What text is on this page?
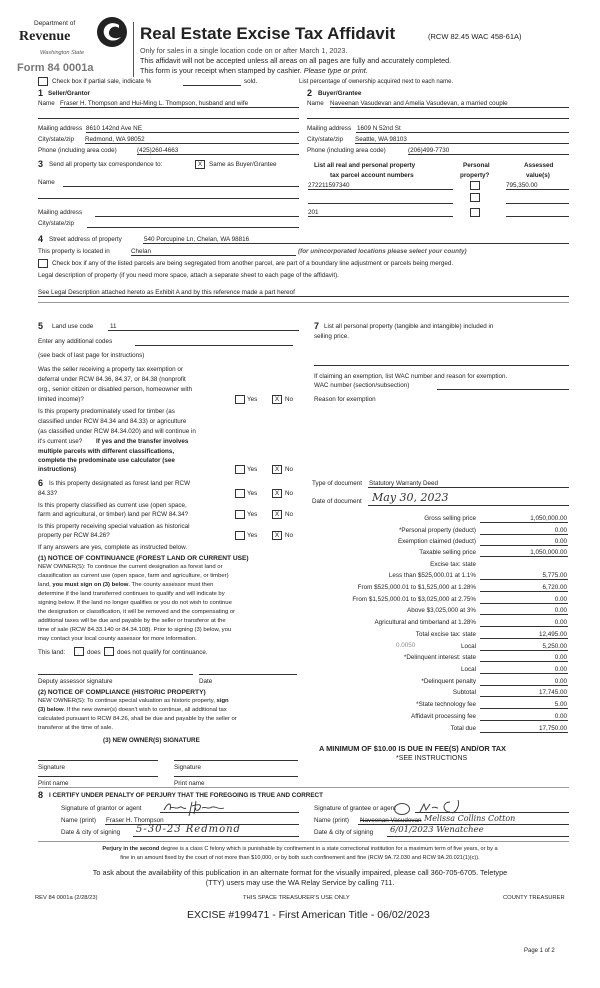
Department of
Revenue
Washington State
Form 84 0001a
Real Estate Excise Tax Affidavit	(RCW 82.45 WAC 458-61A)
Only for sales in a single location code on or after March 1, 2023.
This affidavit will not be accepted unless all areas on all pages are fully and accurately completed.
This form is your receipt when stamped by cashier. Please type or print.
Check box if partial sale, indicate %	sold.	List percentage of ownership acquired next to each name.
1 Seller/Grantor
Name Fraser H. Thompson and Hui-Ming L. Thompson, husband and wife
Mailing address 8610 142nd Ave NE
City/state/zip Redmond, WA 98052
Phone (including area code)	(425)260-4663
2 Buyer/Grantee
Name Naveenan Vasudevan and Amelia Vasudevan, a married couple
Mailing address 1609 N 52nd St
City/state/zip Seattle, WA 98103
Phone (including area code)	(206)499-7730
3 Send all property tax correspondence to:	X	Same as Buyer/Grantee
Name
Mailing address
City/state/zip
List all real and personal property
tax parcel account numbers
Personal
property?
Assessed
value(s)
272211597340	795,350.00
201
4 Street address of property	540 Porcupine Ln, Chelan, WA 98816
This property is located in	Chelan	(for unincorporated locations please select your county)
Check box if any of the listed parcels are being segregated from another parcel, are part of a boundary line adjustment or parcels being merged.
Legal description of property (if you need more space, attach a separate sheet to each page of the affidavit).
See Legal Description attached hereto as Exhibit A and by this reference made a part hereof
5 Land use code	11
Enter any additional codes
(see back of last page for instructions)
Was the seller receiving a property tax exemption or
deferral under RCW 84.36, 84.37, or 84.38 (nonprofit
org., senior citizen or disabled person, homeowner with
limited income)?	Yes	X No
Is this property predominately used for timber (as
classified under RCW 84.34 and 84.33) or agriculture
(as classified under RCW 84.34.020) and will continue in
it's current use? If yes and the transfer involves
multiple parcels with different classifications,
complete the predominate use calculator (see
instructions)	Yes	X No
6 Is this property designated as forest land per RCW
84.33?	Yes	X No
Is this property classified as current use (open space,
farm and agricultural, or timber) land per RCW 84.34?	Yes	X No
Is this property receiving special valuation as historical
property per RCW 84.26?	Yes	X No
If any answers are yes, complete as instructed below.
(1) NOTICE OF CONTINUANCE (FOREST LAND OR CURRENT USE)
NEW OWNER(S): To continue the current designation as forest land or
classification as current use (open space, farm and agriculture, or timber)
land, you must sign on (3) below. The county assessor must then
determine if the land transferred continues to qualify and will indicate by
signing below. If the land no longer qualifies or you do not wish to continue
the designation or classification, it will be removed and the compensating or
additional taxes will be due and payable by the seller or transferor at the
time of sale (RCW 84.33.140 or 84.34.108). Prior to signing (3) below, you
may contact your local county assessor for more information.
This land:	does	does not qualify for continuance.
Deputy assessor signature	Date
(2) NOTICE OF COMPLIANCE (HISTORIC PROPERTY)
NEW OWNER(S): To continue special valuation as historic property, sign
(3) below. If the new owner(s) doesn't wish to continue, all additional tax
calculated pursuant to RCW 84.26, shall be due and payable by the seller or
transferor at the time of sale.
(3) NEW OWNER(S) SIGNATURE
Signature	Signature
Print name	Print name
7 List all personal property (tangible and intangible) included in
selling price.
If claiming an exemption, list WAC number and reason for exemption.
WAC number (section/subsection)
Reason for exemption
Type of document Statutory Warranty Deed
Date of document May 30, 2023
Gross selling price	1,050,000.00
*Personal property (deduct)	0.00
Exemption claimed (deduct)	0.00
Taxable selling price	1,050,000.00
Excise tax: state
Less than $525,000.01 at 1.1%	5,775.00
From $525,000.01 to $1,525,000 at 1.28%	6,720.00
From $1,525,000.01 to $3,025,000 at 2.75%	0.00
Above $3,025,000 at 3%	0.00
Agricultural and timberland at 1.28%	0.00
Total excise tax: state	12,495.00
0.0050	Local	5,250.00
*Delinquent interest: state	0.00
Local	0.00
*Delinquent penalty	0.00
Subtotal	17,745.00
*State technology fee	5.00
Affidavit processing fee	0.00
Total due	17,750.00
A MINIMUM OF $10.00 IS DUE IN FEE(S) AND/OR TAX
*SEE INSTRUCTIONS
8 I CERTIFY UNDER PENALTY OF PERJURY THAT THE FOREGOING IS TRUE AND CORRECT
Signature of grantor or agent
Name (print) Fraser H. Thompson
Date & city of signing 5-30-23 Redmond
Signature of grantee or agent
Name (print) Naveenan Vasudevan Melissa Collins Cotton
Date & city of signing 6/01/2023 Wenatchee
Perjury in the second degree is a class C felony which is punishable by confinement in a state correctional institution for a maximum term of five years, or by a
fine in an amount fixed by the court of not more than $10,000, or by both such confinement and fine (RCW 9A.72.030 and RCW 9A.20.021(1)(c)).
To ask about the availability of this publication in an alternate format for the visually impaired, please call 360-705-6705. Teletype
(TTY) users may use the WA Relay Service by calling 711.
REV 84 0001a (2/28/23)	THIS SPACE TREASURER'S USE ONLY	COUNTY TREASURER
EXCISE #199471 - First American Title - 06/02/2023
Page 1 of 2
